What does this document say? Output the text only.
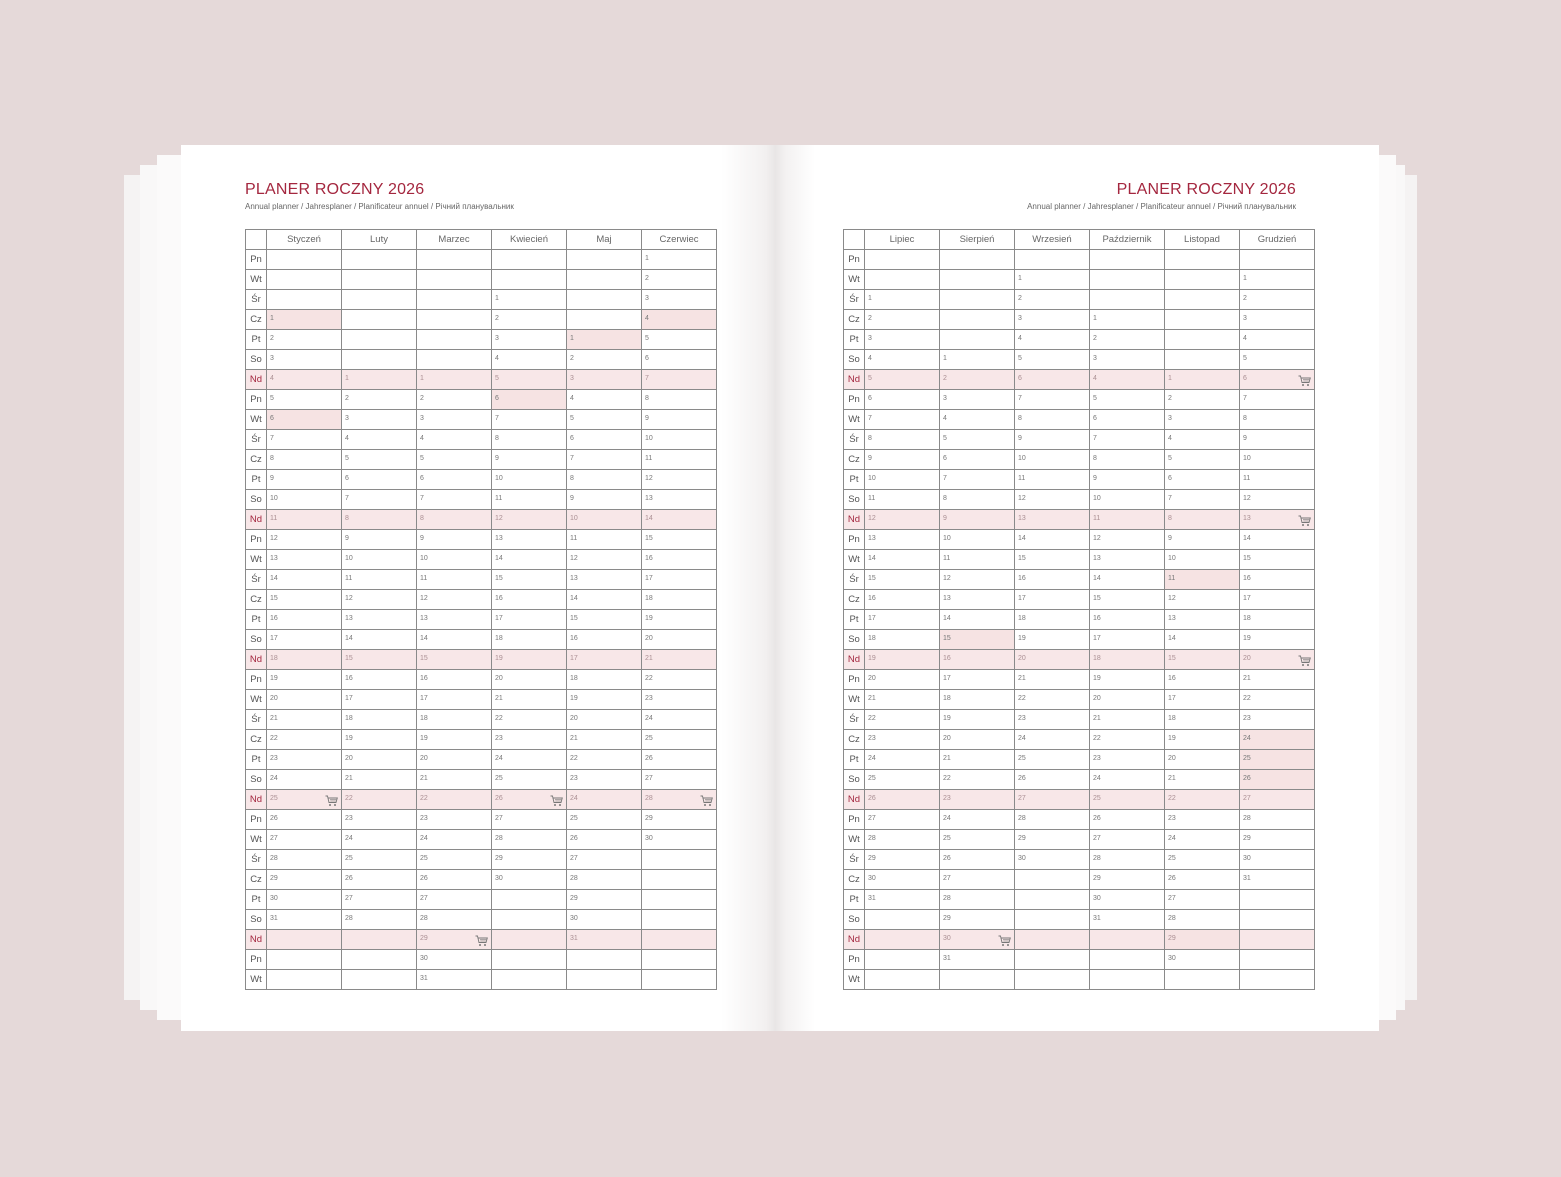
PLANER ROCZNY 2026
Annual planner / Jahresplaner / Planificateur annuel / Річний планувальник
	Styczeń	Luty	Marzec	Kwiecień	Maj	Czerwiec
Pn						1

Wt						2

Śr				1		3

Cz	1			2		4

Pt	2			3	1	5

So	3			4	2	6

Nd	4	1	1	5	3	7

Pn	5	2	2	6	4	8

Wt	6	3	3	7	5	9

Śr	7	4	4	8	6	10

Cz	8	5	5	9	7	11

Pt	9	6	6	10	8	12

So	10	7	7	11	9	13

Nd	11	8	8	12	10	14

Pn	12	9	9	13	11	15

Wt	13	10	10	14	12	16

Śr	14	11	11	15	13	17

Cz	15	12	12	16	14	18

Pt	16	13	13	17	15	19

So	17	14	14	18	16	20

Nd	18	15	15	19	17	21

Pn	19	16	16	20	18	22

Wt	20	17	17	21	19	23

Śr	21	18	18	22	20	24

Cz	22	19	19	23	21	25

Pt	23	20	20	24	22	26

So	24	21	21	25	23	27

Nd	25	22	22	26	24	28

Pn	26	23	23	27	25	29

Wt	27	24	24	28	26	30

Śr	28	25	25	29	27	

Cz	29	26	26	30	28	

Pt	30	27	27		29	

So	31	28	28		30	

Nd			29		31	

Pn			30			

Wt			31			

PLANER ROCZNY 2026
Annual planner / Jahresplaner / Planificateur annuel / Річний планувальник
	Lipiec	Sierpień	Wrzesień	Październik	Listopad	Grudzień
Pn						
Wt			1			1

Śr	1		2			2

Cz	2		3	1		3

Pt	3		4	2		4

So	4	1	5	3		5

Nd	5	2	6	4	1	6

Pn	6	3	7	5	2	7

Wt	7	4	8	6	3	8

Śr	8	5	9	7	4	9

Cz	9	6	10	8	5	10

Pt	10	7	11	9	6	11

So	11	8	12	10	7	12

Nd	12	9	13	11	8	13

Pn	13	10	14	12	9	14

Wt	14	11	15	13	10	15

Śr	15	12	16	14	11	16

Cz	16	13	17	15	12	17

Pt	17	14	18	16	13	18

So	18	15	19	17	14	19

Nd	19	16	20	18	15	20

Pn	20	17	21	19	16	21

Wt	21	18	22	20	17	22

Śr	22	19	23	21	18	23

Cz	23	20	24	22	19	24

Pt	24	21	25	23	20	25

So	25	22	26	24	21	26

Nd	26	23	27	25	22	27

Pn	27	24	28	26	23	28

Wt	28	25	29	27	24	29

Śr	29	26	30	28	25	30

Cz	30	27		29	26	31

Pt	31	28		30	27	

So		29		31	28	

Nd		30			29	

Pn		31			30	

Wt						
